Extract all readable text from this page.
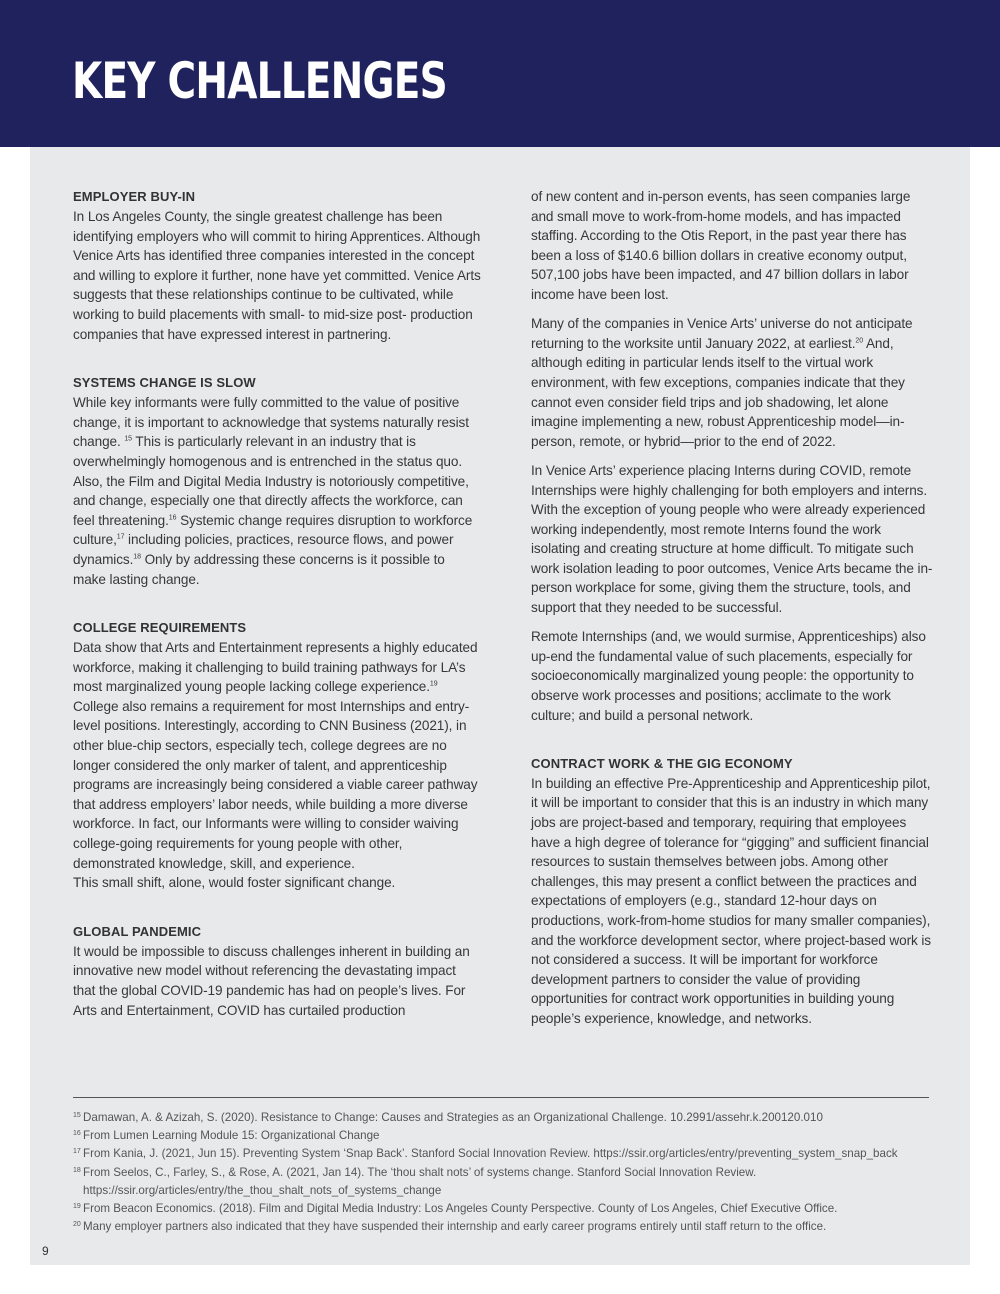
KEY CHALLENGES
EMPLOYER BUY-IN

In Los Angeles County, the single greatest challenge has been identifying employers who will commit to hiring Apprentices. Although Venice Arts has identified three companies interested in the concept and willing to explore it further, none have yet committed. Venice Arts suggests that these relationships continue to be cultivated, while working to build placements with small- to mid-size post- production companies that have expressed interest in partnering.

SYSTEMS CHANGE IS SLOW

While key informants were fully committed to the value of positive change, it is important to acknowledge that systems naturally resist change. $^{15}$ This is particularly relevant in an industry that is overwhelmingly homogenous and is entrenched in the status quo. Also, the Film and Digital Media Industry is notoriously competitive, and change, especially one that directly affects the workforce, can feel threatening.$^{16}$ Systemic change requires disruption to workforce culture,$^{17}$ including policies, practices, resource flows, and power dynamics.$^{18}$ Only by addressing these concerns is it possible to make lasting change.

COLLEGE REQUIREMENTS

Data show that Arts and Entertainment represents a highly educated workforce, making it challenging to build training pathways for LA’s most marginalized young people lacking college experience.$^{19}$ College also remains a requirement for most Internships and entry-level positions. Interestingly, according to CNN Business (2021), in other blue-chip sectors, especially tech, college degrees are no longer considered the only marker of talent, and apprenticeship programs are increasingly being considered a viable career pathway that address employers’ labor needs, while building a more diverse workforce. In fact, our Informants were willing to consider waiving college-going requirements for young people with other, demonstrated knowledge, skill, and experience.
This small shift, alone, would foster significant change.

GLOBAL PANDEMIC

It would be impossible to discuss challenges inherent in building an innovative new model without referencing the devastating impact that the global COVID-19 pandemic has had on people’s lives. For Arts and Entertainment, COVID has curtailed production

of new content and in-person events, has seen companies large and small move to work-from-home models, and has impacted staffing. According to the Otis Report, in the past year there has been a loss of $140.6 billion dollars in creative economy output, 507,100 jobs have been impacted, and 47 billion dollars in labor income have been lost.

Many of the companies in Venice Arts’ universe do not anticipate returning to the worksite until January 2022, at earliest.$^{20}$ And, although editing in particular lends itself to the virtual work environment, with few exceptions, companies indicate that they cannot even consider field trips and job shadowing, let alone imagine implementing a new, robust Apprenticeship model—in-person, remote, or hybrid—prior to the end of 2022.

In Venice Arts’ experience placing Interns during COVID, remote Internships were highly challenging for both employers and interns. With the exception of young people who were already experienced working independently, most remote Interns found the work isolating and creating structure at home difficult. To mitigate such work isolation leading to poor outcomes, Venice Arts became the in-person workplace for some, giving them the structure, tools, and support that they needed to be successful.

Remote Internships (and, we would surmise, Apprenticeships) also up-end the fundamental value of such placements, especially for socioeconomically marginalized young people: the opportunity to observe work processes and positions; acclimate to the work culture; and build a personal network.

CONTRACT WORK & THE GIG ECONOMY

In building an effective Pre-Apprenticeship and Apprenticeship pilot, it will be important to consider that this is an industry in which many jobs are project-based and temporary, requiring that employees have a high degree of tolerance for “gigging” and sufficient financial resources to sustain themselves between jobs. Among other challenges, this may present a conflict between the practices and expectations of employers (e.g., standard 12-hour days on productions, work-from-home studios for many smaller companies), and the workforce development sector, where project-based work is not considered a success. It will be important for workforce development partners to consider the value of providing opportunities for contract work opportunities in building young people’s experience, knowledge, and networks.

15 Damawan, A. & Azizah, S. (2020). Resistance to Change: Causes and Strategies as an Organizational Challenge. 10.2991/assehr.k.200120.010
16 From Lumen Learning Module 15: Organizational Change
17 From Kania, J. (2021, Jun 15). Preventing System ‘Snap Back’. Stanford Social Innovation Review. https://ssir.org/articles/entry/preventing_system_snap_back
18 From Seelos, C., Farley, S., & Rose, A. (2021, Jan 14). The ‘thou shalt nots’ of systems change. Stanford Social Innovation Review. https://ssir.org/articles/entry/the_thou_shalt_nots_of_systems_change
19 From Beacon Economics. (2018). Film and Digital Media Industry: Los Angeles County Perspective. County of Los Angeles, Chief Executive Office.
20 Many employer partners also indicated that they have suspended their internship and early career programs entirely until staff return to the office.
9
